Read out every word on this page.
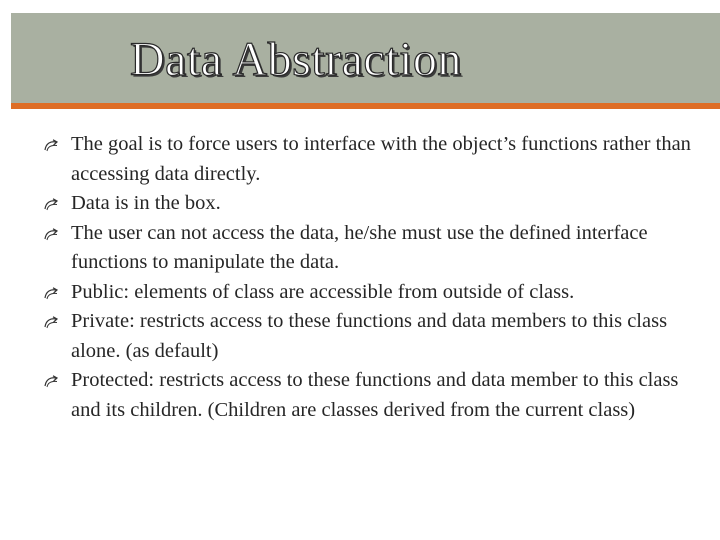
Data Abstraction
The goal is to force users to interface with the object’s functions rather than accessing data directly.
Data is in the box.
The user can not access the data, he/she must use the defined interface functions to manipulate the data.
Public: elements of class are accessible from outside of class.
Private: restricts access to these functions and data members to this class alone. (as default)
Protected: restricts access to these functions and data member to this class and its children. (Children are classes derived from the current class)
